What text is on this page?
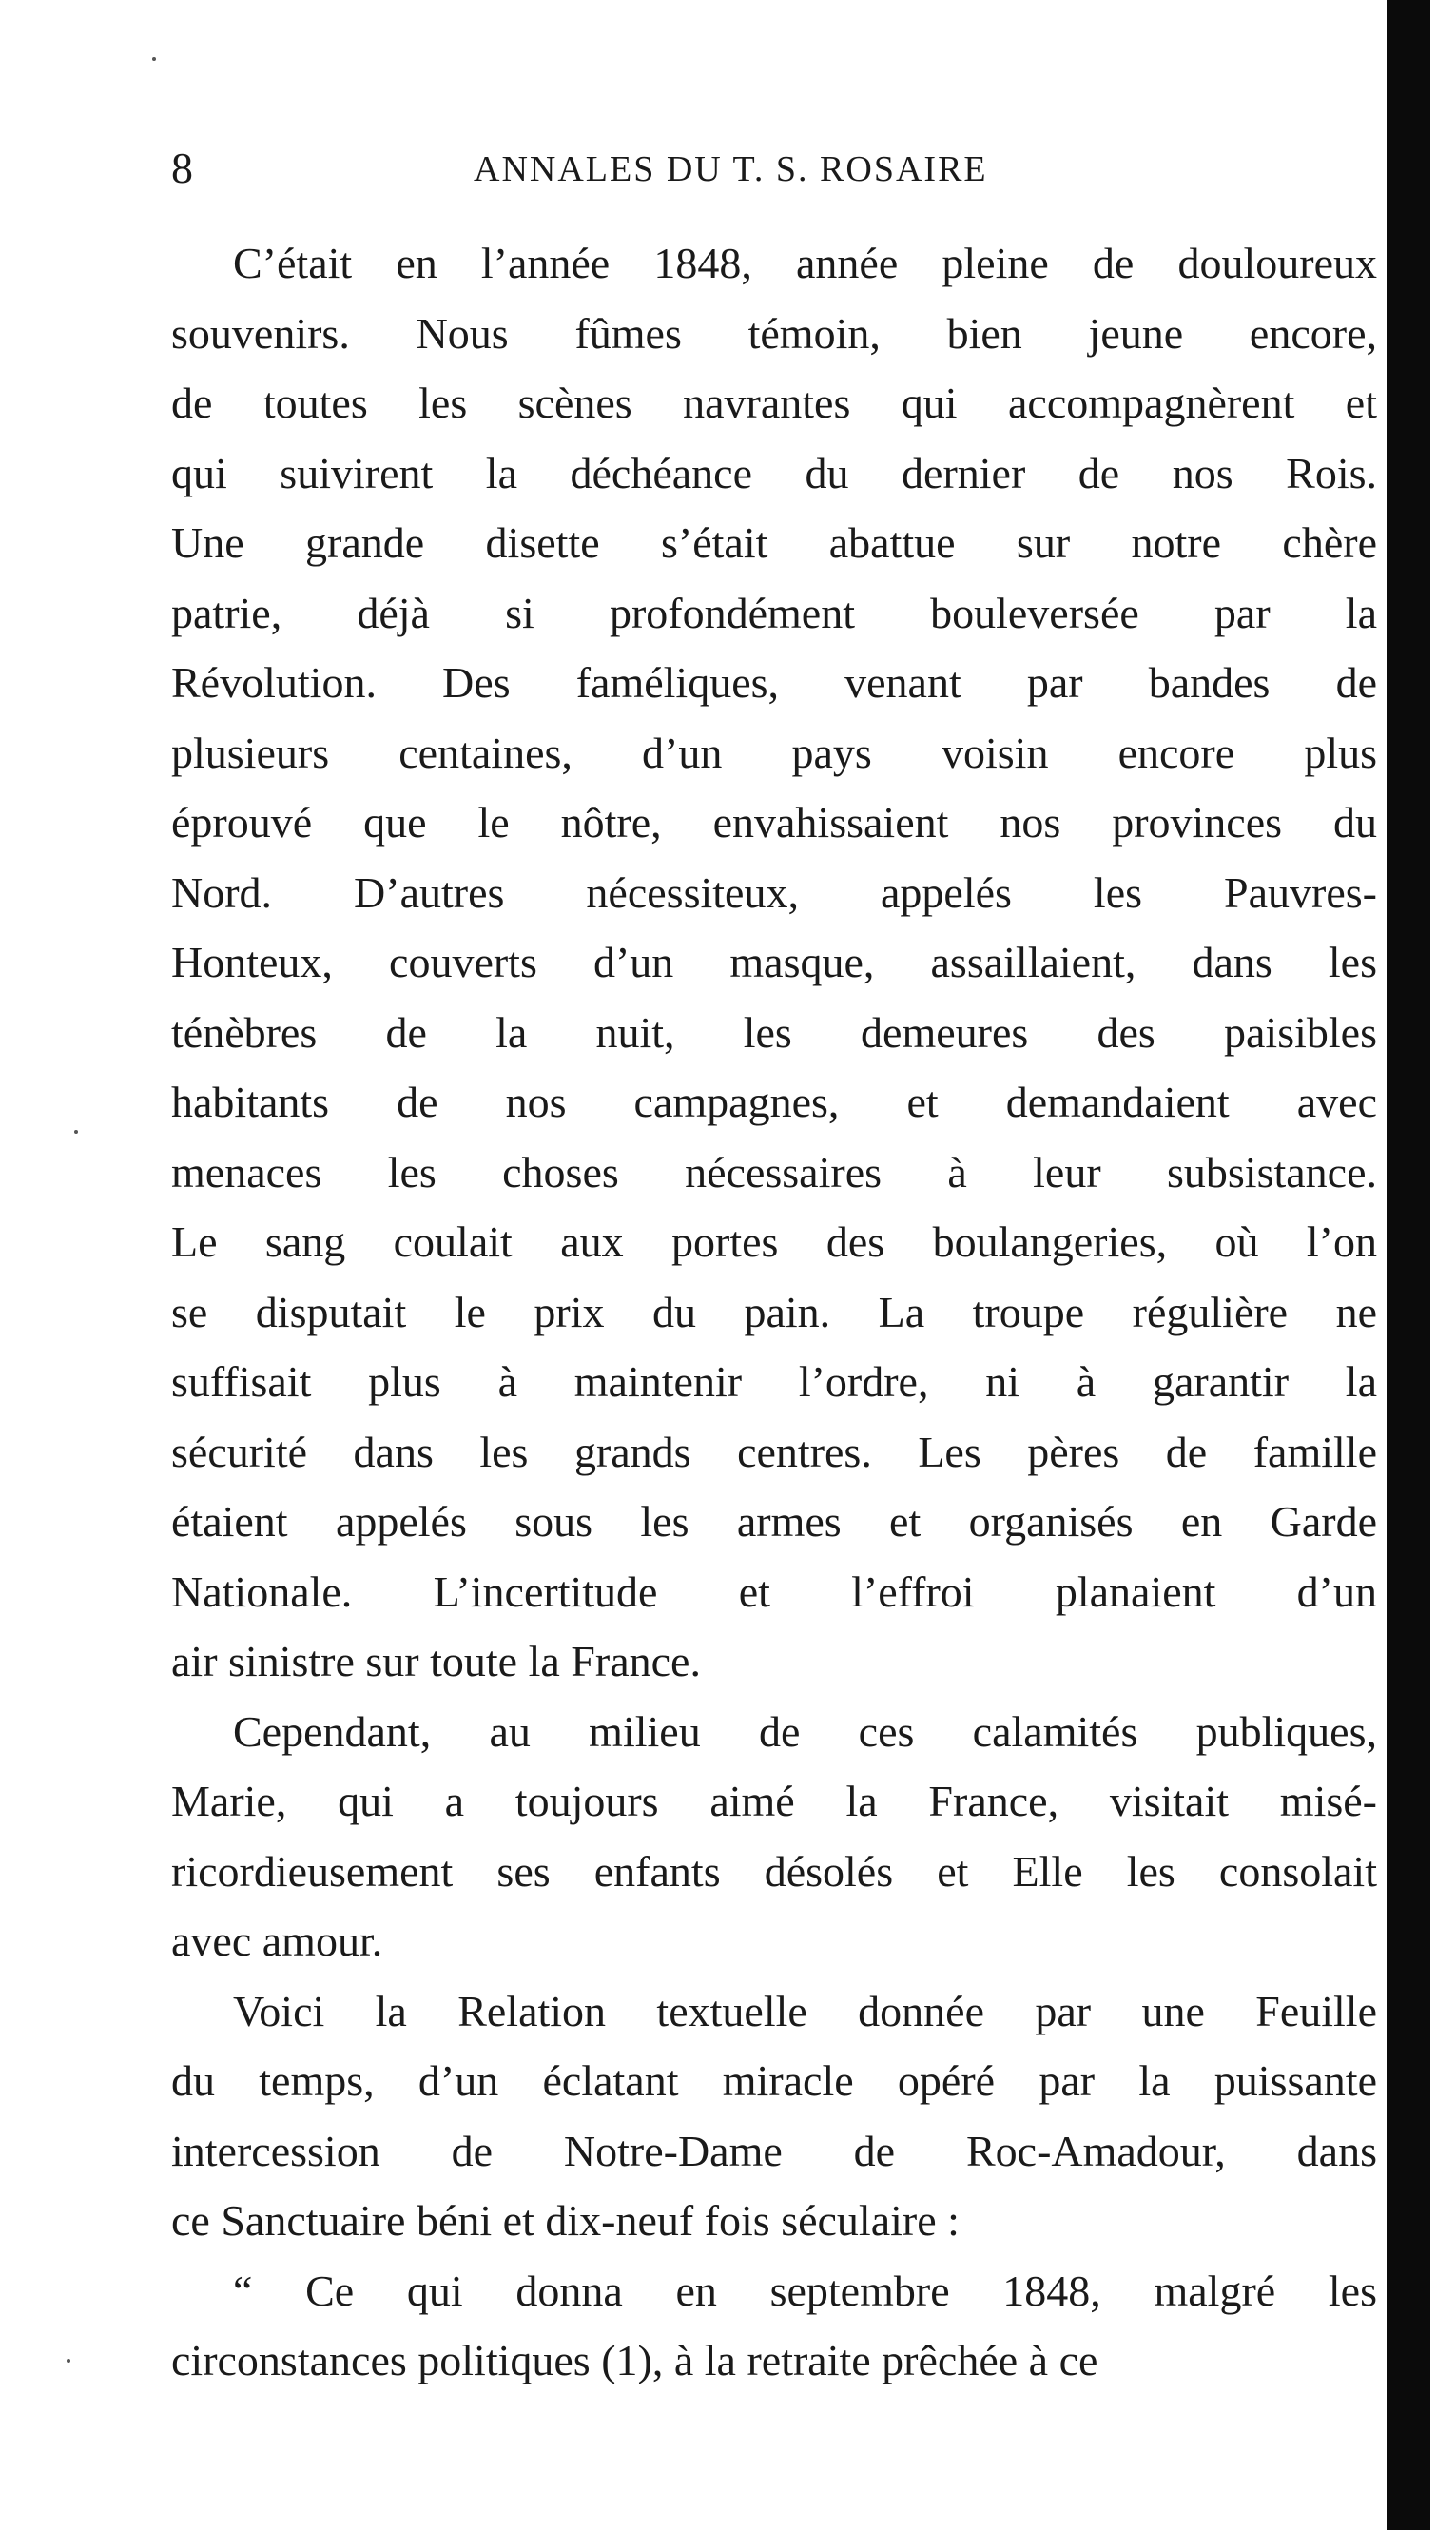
8	ANNALES DU T. S. ROSAIRE
C’était en l’année 1848, année pleine de douloureux
souvenirs. Nous fûmes témoin, bien jeune encore,
de toutes les scènes navrantes qui accompagnèrent et
qui suivirent la déchéance du dernier de nos Rois.
Une grande disette s’était abattue sur notre chère
patrie, déjà si profondément bouleversée par la
Révolution. Des faméliques, venant par bandes de
plusieurs centaines, d’un pays voisin encore plus
éprouvé que le nôtre, envahissaient nos provinces du
Nord. D’autres nécessiteux, appelés les Pauvres-
Honteux, couverts d’un masque, assaillaient, dans les
ténèbres de la nuit, les demeures des paisibles
habitants de nos campagnes, et demandaient avec
menaces les choses nécessaires à leur subsistance.
Le sang coulait aux portes des boulangeries, où l’on
se disputait le prix du pain. La troupe régulière ne
suffisait plus à maintenir l’ordre, ni à garantir la
sécurité dans les grands centres. Les pères de famille
étaient appelés sous les armes et organisés en Garde
Nationale. L’incertitude et l’effroi planaient d’un
air sinistre sur toute la France.
Cependant, au milieu de ces calamités publiques,
Marie, qui a toujours aimé la France, visitait misé-
ricordieusement ses enfants désolés et Elle les consolait
avec amour.
Voici la Relation textuelle donnée par une Feuille
du temps, d’un éclatant miracle opéré par la puissante
intercession de Notre-Dame de Roc-Amadour, dans
ce Sanctuaire béni et dix-neuf fois séculaire :
“ Ce qui donna en septembre 1848, malgré les
circonstances politiques (1), à la retraite prêchée à ce
